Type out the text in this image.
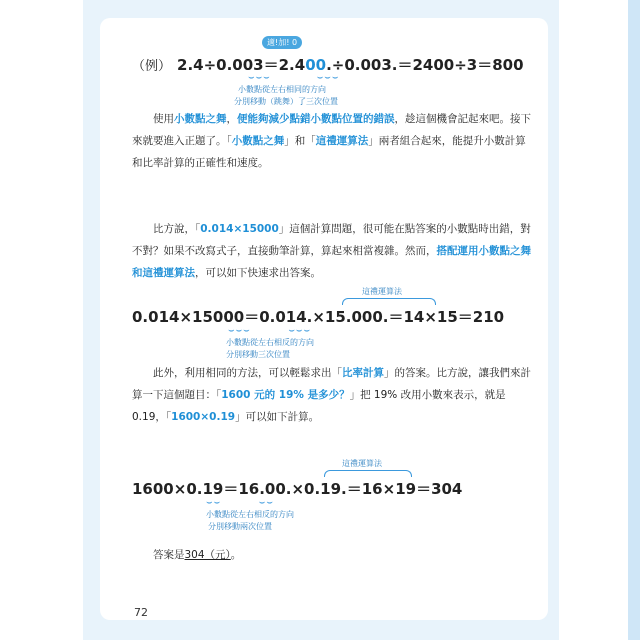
適!加! 0
（例） 2.4÷0.003＝2.400.÷0.003.＝2400÷3＝800
⌣⌣⌣           ⌣⌣⌣
小數點從左右相同的方向
分別移動（跳舞）了三次位置
使用小數點之舞，便能夠減少點錯小數點位置的錯誤，趁這個機會記起來吧。接下來就要進入正題了。「小數點之舞」和「這禮運算法」兩者組合起來，能提升小數計算和比率計算的正確性和速度。
比方說，「0.014×15000」這個計算問題，很可能在點答案的小數點時出錯，對不對？如果不改寫式子，直接動筆計算，算起來相當複雜。然而，搭配運用小數點之舞和這禮運算法，可以如下快速求出答案。
這禮運算法
0.014×15000＝0.014.×15.000.＝14×15＝210
⌣⌣⌣         ⌣⌣⌣
小數點從左右相反的方向
分別移動三次位置
此外，利用相同的方法，可以輕鬆求出「比率計算」的答案。比方說，讓我們來計算一下這個題目：「1600 元的 19% 是多少？」把 19% 改用小數來表示，就是 0.19，「1600×0.19」可以如下計算。
這禮運算法
1600×0.19＝16.00.×0.19.＝16×19＝304
⌣⌣         ⌣⌣
小數點從左右相反的方向
分別移動兩次位置
答案是304（元）。
72
